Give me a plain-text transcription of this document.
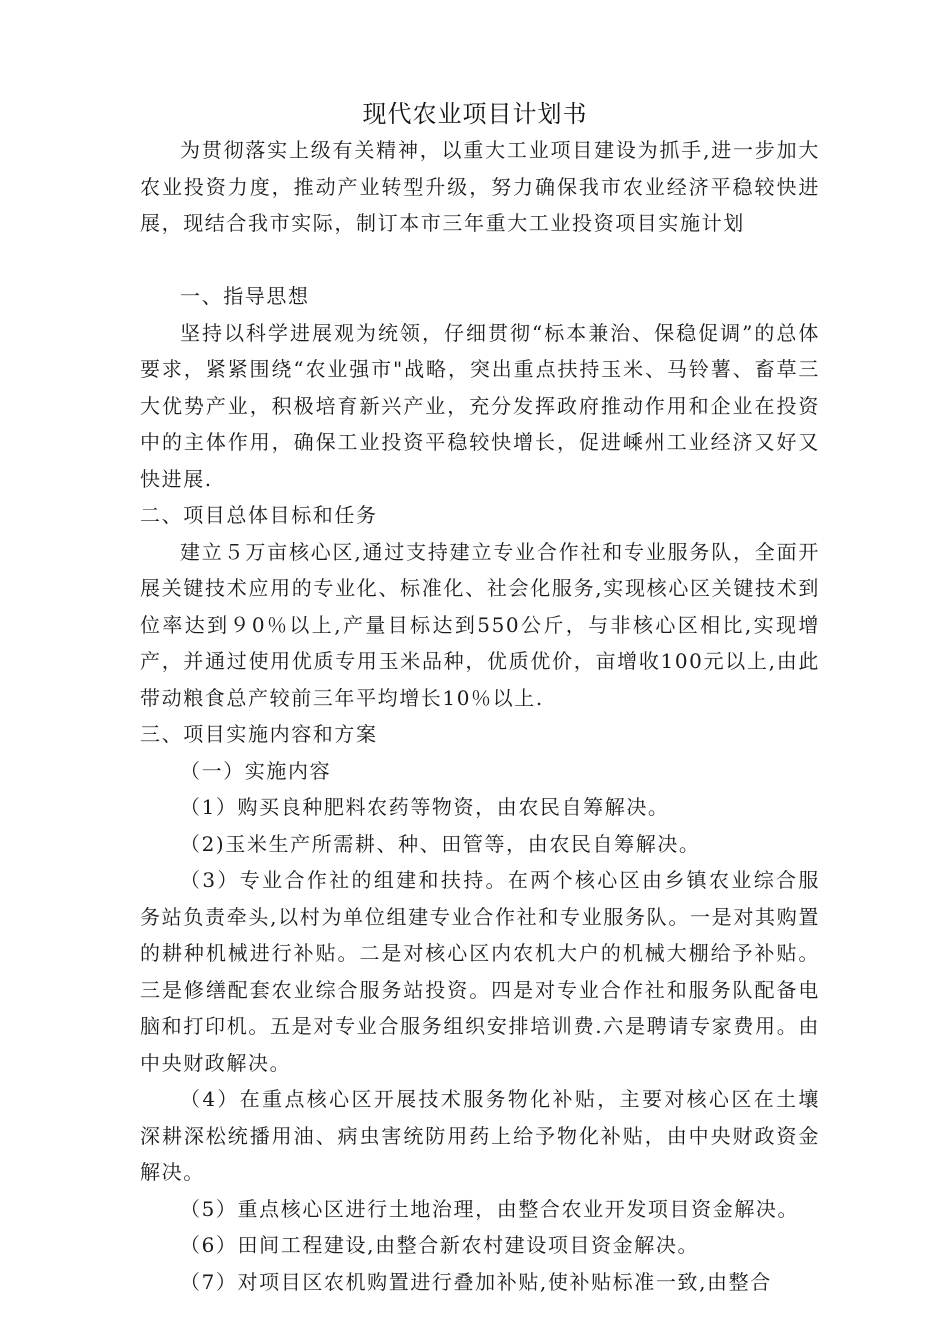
现代农业项目计划书

为贯彻落实上级有关精神，以重大工业项目建设为抓手,进一步加大农业投资力度，推动产业转型升级，努力确保我市农业经济平稳较快进展，现结合我市实际，制订本市三年重大工业投资项目实施计划

一、指导思想

坚持以科学进展观为统领，仔细贯彻“标本兼治、保稳促调”的总体要求，紧紧围绕“农业强市"战略，突出重点扶持玉米、马铃薯、畜草三大优势产业，积极培育新兴产业，充分发挥政府推动作用和企业在投资中的主体作用，确保工业投资平稳较快增长，促进嵊州工业经济又好又快进展.

二、项目总体目标和任务

建立５万亩核心区,通过支持建立专业合作社和专业服务队，全面开展关键技术应用的专业化、标准化、社会化服务,实现核心区关键技术到位率达到９0％以上,产量目标达到550公斤，与非核心区相比,实现增产，并通过使用优质专用玉米品种，优质优价，亩增收100元以上,由此带动粮食总产较前三年平均增长10％以上.

三、项目实施内容和方案

（一）实施内容

（1）购买良种肥料农药等物资，由农民自筹解决。

（2)玉米生产所需耕、种、田管等，由农民自筹解决。

（3）专业合作社的组建和扶持。在两个核心区由乡镇农业综合服务站负责牵头,以村为单位组建专业合作社和专业服务队。一是对其购置的耕种机械进行补贴。二是对核心区内农机大户的机械大棚给予补贴。三是修缮配套农业综合服务站投资。四是对专业合作社和服务队配备电脑和打印机。五是对专业合服务组织安排培训费.六是聘请专家费用。由中央财政解决。

（4）在重点核心区开展技术服务物化补贴，主要对核心区在土壤深耕深松统播用油、病虫害统防用药上给予物化补贴，由中央财政资金解决。

（5）重点核心区进行土地治理，由整合农业开发项目资金解决。

（6）田间工程建设,由整合新农村建设项目资金解决。

（7）对项目区农机购置进行叠加补贴,使补贴标准一致,由整合
